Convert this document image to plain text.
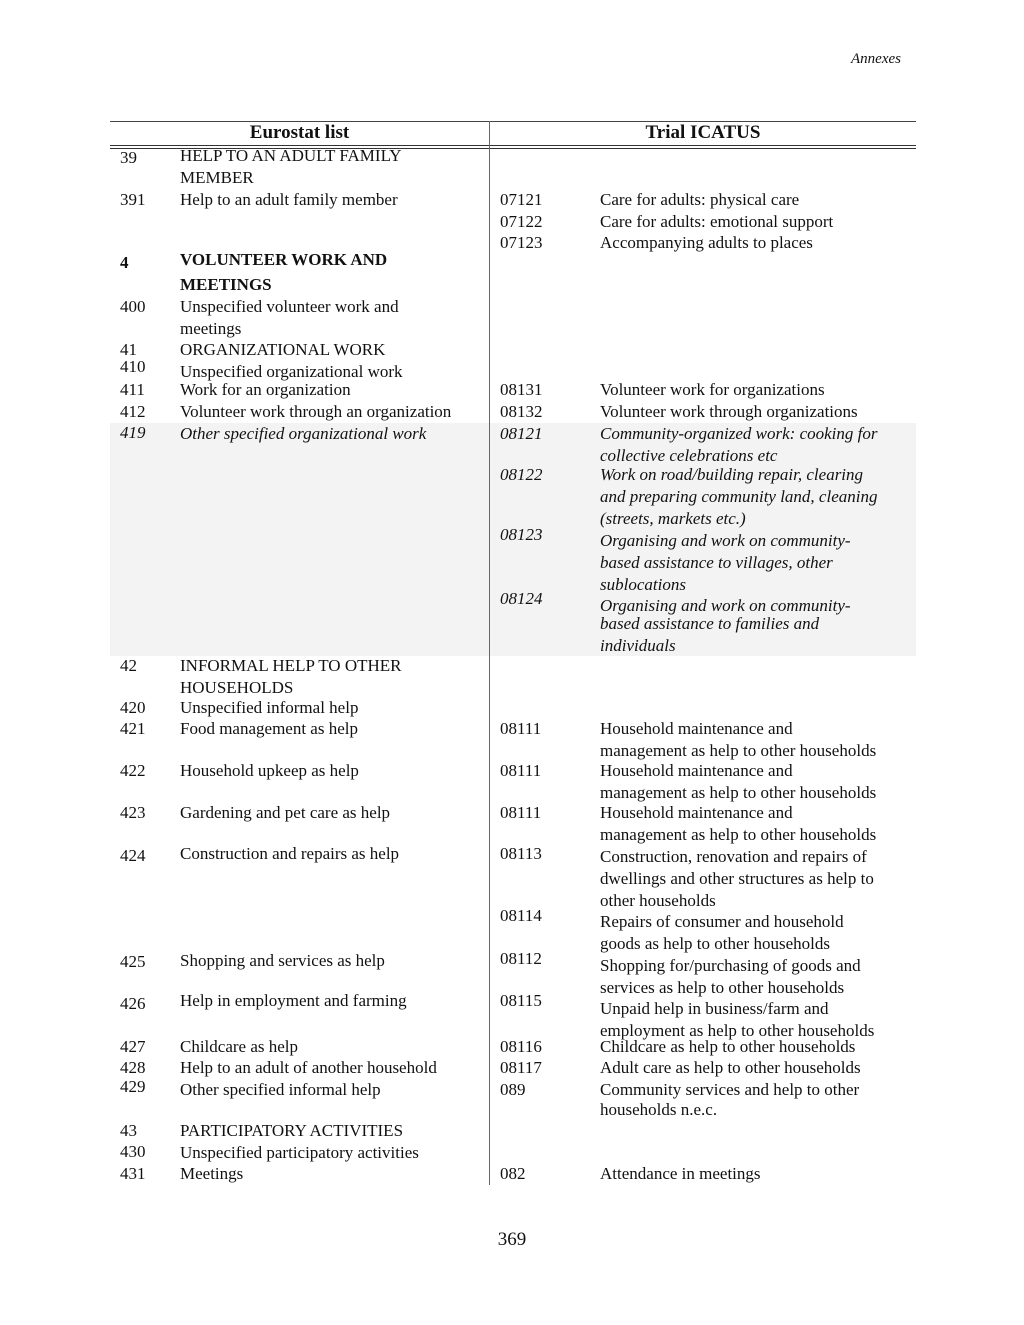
Annexes
Eurostat list	Trial ICATUS
39	HELP TO AN ADULT FAMILY
MEMBER
391 Help to an adult family member	07121	Care for adults: physical care
07122	Care for adults: emotional support
07123	Accompanying adults to places
4	VOLUNTEER WORK AND
MEETINGS
400 Unspecified volunteer work and
meetings
41	ORGANIZATIONAL WORK
410 Unspecified organizational work
411 Work for an organization	08131	Volunteer work for organizations
412 Volunteer work through an organization	08132	Volunteer work through organizations
419 Other specified organizational work	08121	Community-organized work: cooking for
collective celebrations etc
08122	Work on road/building repair, clearing
and preparing community land, cleaning
(streets, markets etc.)
08123	Organising and work on community-
based assistance to villages, other
sublocations
08124	Organising and work on community-
based assistance to families and
individuals
42	INFORMAL HELP TO OTHER
HOUSEHOLDS
420 Unspecified informal help
421 Food management as help	08111	Household maintenance and
management as help to other households
422 Household upkeep as help	08111	Household maintenance and
management as help to other households
423 Gardening and pet care as help	08111	Household maintenance and
management as help to other households
424 Construction and repairs as help	08113	Construction, renovation and repairs of
dwellings and other structures as help to
other households
08114	Repairs of consumer and household
goods as help to other households
425 Shopping and services as help	08112	Shopping for/purchasing of goods and
services as help to other households
426 Help in employment and farming	08115	Unpaid help in business/farm and
employment as help to other households
427 Childcare as help	08116	Childcare as help to other households
428 Help to an adult of another household	08117	Adult care as help to other households
429 Other specified informal help	089	Community services and help to other
households n.e.c.
43	PARTICIPATORY ACTIVITIES
430 Unspecified participatory activities
431 Meetings	082	Attendance in meetings
369
